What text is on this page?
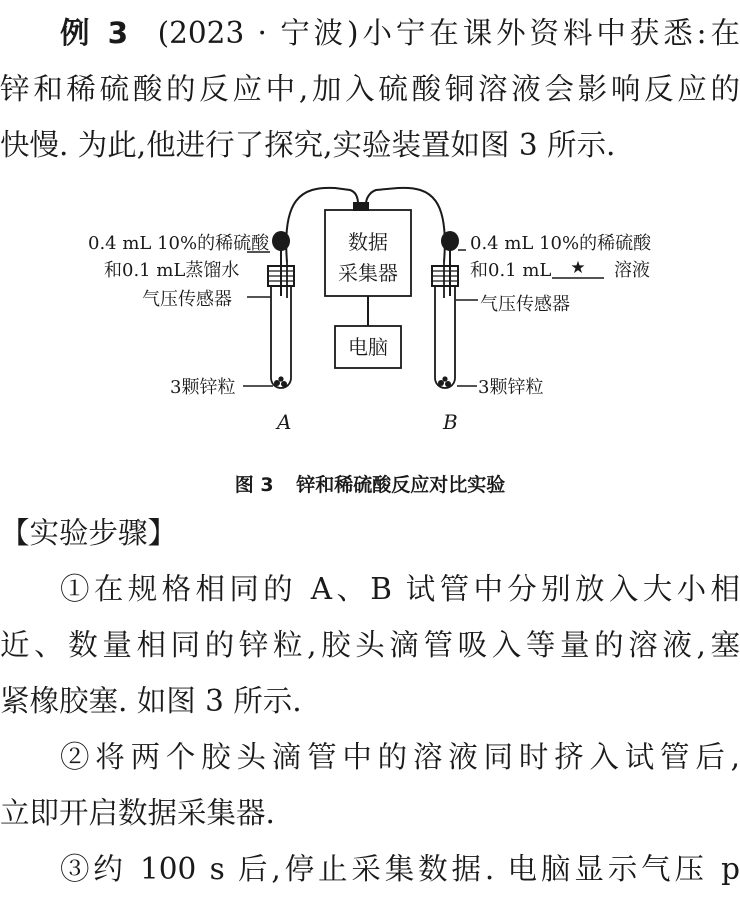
例 3  (2023 · 宁波)小宁在课外资料中获悉:在
锌和稀硫酸的反应中,加入硫酸铜溶液会影响反应的
快慢. 为此,他进行了探究,实验装置如图 3 所示.
0.4 mL 10%的稀硫酸
和0.1 mL蒸馏水
气压传感器
3颗锌粒
A
数据
采集器
电脑
0.4 mL 10%的稀硫酸
和0.1 mL ★ 溶液
气压传感器
3颗锌粒
B
图 3 锌和稀硫酸反应对比实验
【实验步骤】
①在规格相同的 A、B 试管中分别放入大小相
近、数量相同的锌粒,胶头滴管吸入等量的溶液,塞
紧橡胶塞. 如图 3 所示.
②将两个胶头滴管中的溶液同时挤入试管后,
立即开启数据采集器.
③约 100 s 后,停止采集数据. 电脑显示气压 p
